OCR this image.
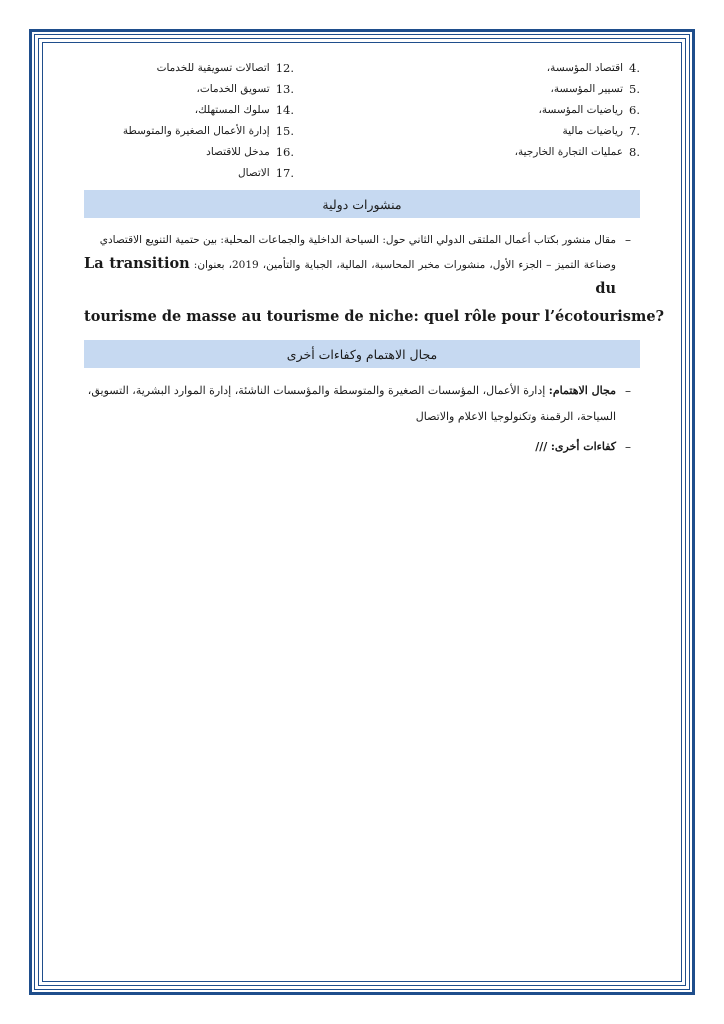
4.
اقتصاد المؤسسة،
5.
تسيير المؤسسة،
6.
رياضيات المؤسسة،
7.
رياضيات مالية
8.
عمليات التجارة الخارجية،
12.
اتصالات تسويقية للخدمات
13.
تسويق الخدمات،
14.
سلوك المستهلك،
15.
إدارة الأعمال الصغيرة والمتوسطة
16.
مدخل للاقتصاد
17.
الاتصال
منشورات دولية
–
مقال منشور بكتاب أعمال الملتقى الدولي الثاني حول: السياحة الداخلية والجماعات المحلية: بين حتمية التنويع الاقتصادي
وصناعة التميز – الجزء الأول، منشورات مخبر المحاسبة، المالية، الجباية والتأمين، 2019، بعنوان: La transition du
tourisme de masse au tourisme de niche: quel rôle pour l’écotourisme?
مجال الاهتمام وكفاءات أخرى
–
مجال الاهتمام: إدارة الأعمال، المؤسسات الصغيرة والمتوسطة والمؤسسات الناشئة، إدارة الموارد البشرية، التسويق، السياحة، الرقمنة وتكنولوجيا الاعلام والاتصال
–
كفاءات أخرى: ///
